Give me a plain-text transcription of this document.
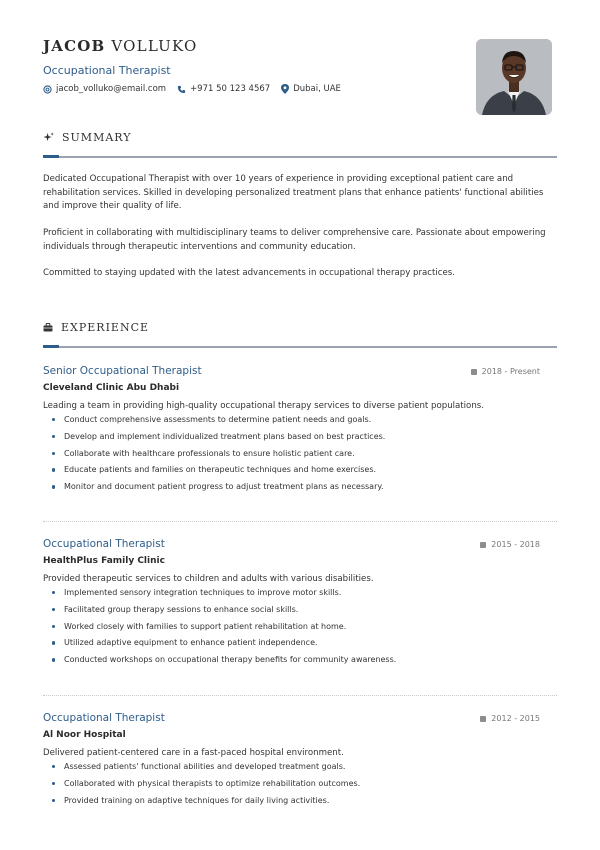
JACOB VOLLUKO
Occupational Therapist
jacob_volluko@email.com	+971 50 123 4567	Dubai, UAE
SUMMARY

Dedicated Occupational Therapist with over 10 years of experience in providing exceptional patient care and rehabilitation services. Skilled in developing personalized treatment plans that enhance patients' functional abilities and improve their quality of life.

Proficient in collaborating with multidisciplinary teams to deliver comprehensive care. Passionate about empowering individuals through therapeutic interventions and community education.

Committed to staying updated with the latest advancements in occupational therapy practices.

EXPERIENCE
Senior Occupational Therapist	2018 - Present
Cleveland Clinic Abu Dhabi
Leading a team in providing high-quality occupational therapy services to diverse patient populations.
Conduct comprehensive assessments to determine patient needs and goals.
Develop and implement individualized treatment plans based on best practices.
Collaborate with healthcare professionals to ensure holistic patient care.
Educate patients and families on therapeutic techniques and home exercises.
Monitor and document patient progress to adjust treatment plans as necessary.
Occupational Therapist	2015 - 2018
HealthPlus Family Clinic
Provided therapeutic services to children and adults with various disabilities.
Implemented sensory integration techniques to improve motor skills.
Facilitated group therapy sessions to enhance social skills.
Worked closely with families to support patient rehabilitation at home.
Utilized adaptive equipment to enhance patient independence.
Conducted workshops on occupational therapy benefits for community awareness.
Occupational Therapist	2012 - 2015
Al Noor Hospital
Delivered patient-centered care in a fast-paced hospital environment.
Assessed patients' functional abilities and developed treatment goals.
Collaborated with physical therapists to optimize rehabilitation outcomes.
Provided training on adaptive techniques for daily living activities.
